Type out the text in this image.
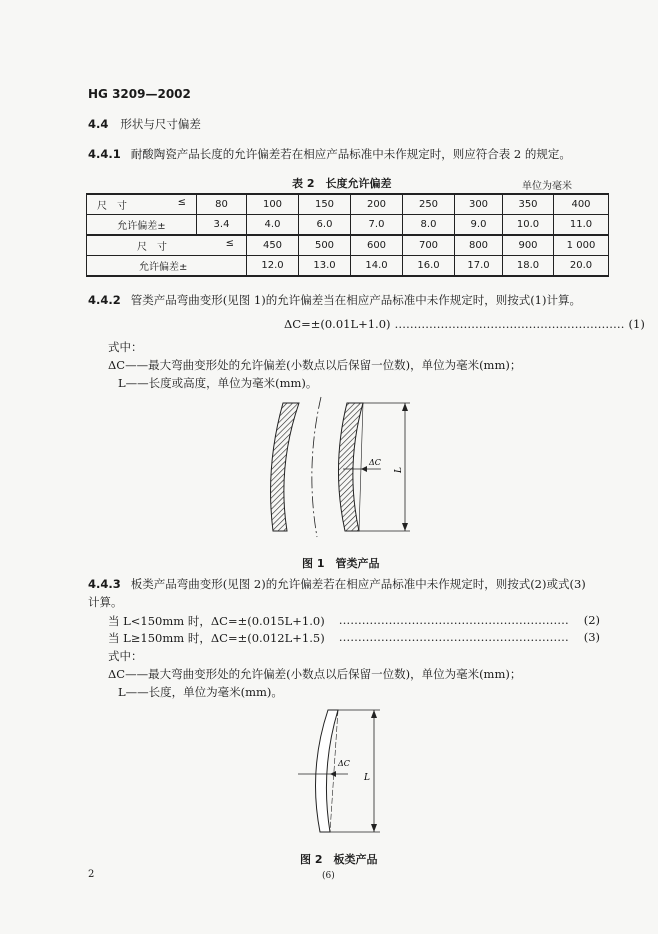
HG 3209—2002
4.4 形状与尺寸偏差
4.4.1 耐酸陶瓷产品长度的允许偏差若在相应产品标准中未作规定时，则应符合表 2 的规定。
表 2　长度允许偏差	单位为毫米
尺　寸 ≤	80	100	150	200	250	300	350	400
允许偏差±	3.4	4.0	6.0	7.0	8.0	9.0	10.0	11.0

尺　寸 ≤		450	500	600	700	800	900	1 000
允许偏差±		12.0	13.0	14.0	16.0	17.0	18.0	20.0
4.4.2 管类产品弯曲变形(见图 1)的允许偏差当在相应产品标准中未作规定时，则按式(1)计算。
ΔC=±(0.01L+1.0) …………………………………………………… (1)
式中：
ΔC——最大弯曲变形处的允许偏差(小数点以后保留一位数)，单位为毫米(mm)；
L——长度或高度，单位为毫米(mm)。
ΔC
L
图 1　管类产品
4.4.3 板类产品弯曲变形(见图 2)的允许偏差若在相应产品标准中未作规定时，则按式(2)或式(3)
计算。
当 L<150mm 时，ΔC=±(0.015L+1.0) ……………………………………………………	(2)
当 L≥150mm 时，ΔC=±(0.012L+1.5) ……………………………………………………	(3)
式中：
ΔC——最大弯曲变形处的允许偏差(小数点以后保留一位数)，单位为毫米(mm)；
L——长度，单位为毫米(mm)。
ΔC
L
图 2　板类产品
2	(6)
